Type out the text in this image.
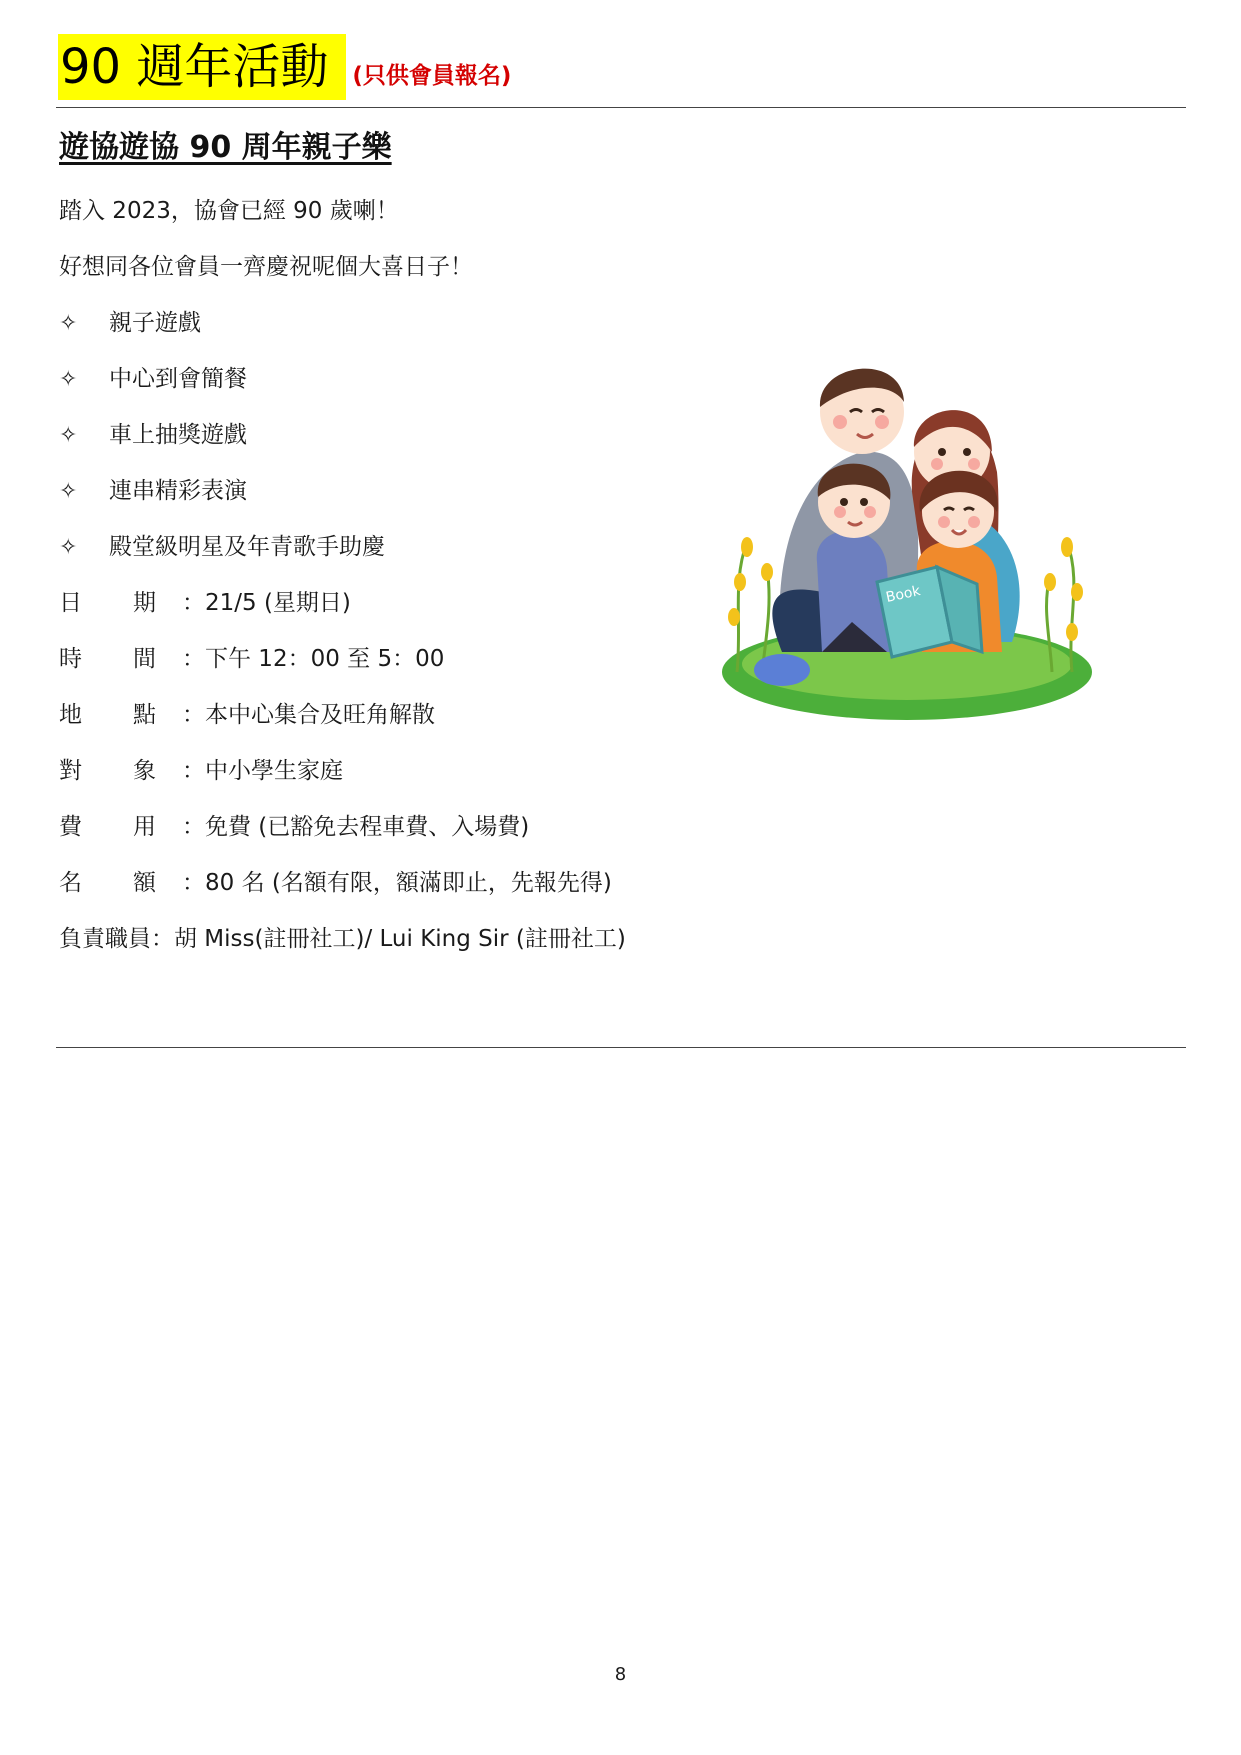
90 週年活動	(只供會員報名)
遊協遊協 90 周年親子樂
踏入 2023，協會已經 90 歲喇！
好想同各位會員一齊慶祝呢個大喜日子！
✧ 親子遊戲
✧ 中心到會簡餐
✧ 車上抽獎遊戲
✧ 連串精彩表演
✧ 殿堂級明星及年青歌手助慶
日 期 ：21/5 (星期日)
時 間 ：下午 12：00 至 5：00
地 點 ：本中心集合及旺角解散
對 象 ：中小學生家庭
費 用 ：免費 (已豁免去程車費、入場費)
名 額 ：80 名 (名額有限，額滿即止，先報先得)
負責職員：胡 Miss(註冊社工)/ Lui King Sir (註冊社工)
Book
8
